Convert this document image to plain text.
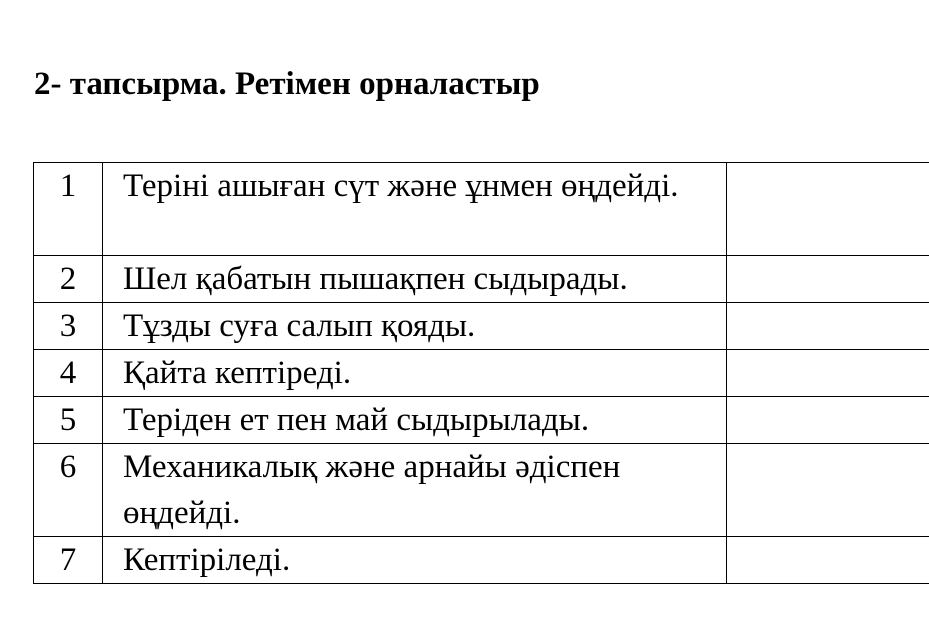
2- тапсырма. Ретімен орналастыр
1	Теріні ашыған сүт және ұнмен өңдейді.	
2	Шел қабатын пышақпен сыдырады.	
3	Тұзды суға салып қояды.	
4	Қайта кептіреді.	
5	Теріден ет пен май сыдырылады.	
6	Механикалық және арнайы әдіспен өңдейді.	
7	Кептіріледі.	
